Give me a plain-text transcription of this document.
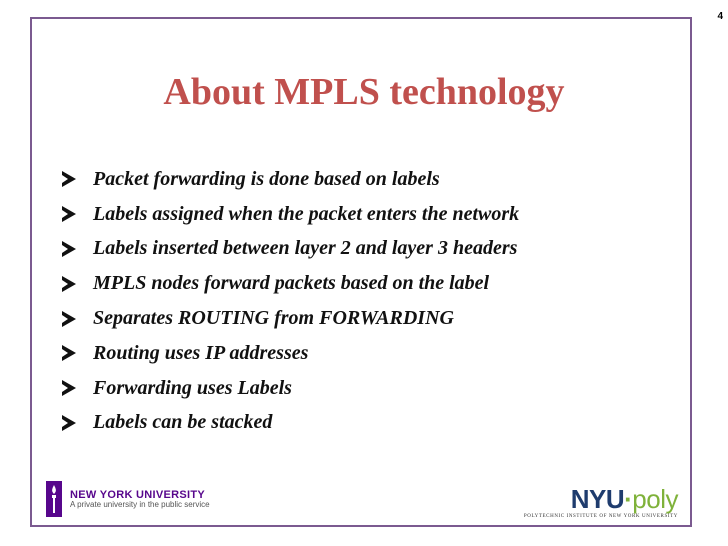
4
About MPLS technology
Packet forwarding is done based on labels
Labels assigned when the packet enters the network
Labels inserted between layer 2 and layer 3 headers
MPLS nodes forward packets based on the label
Separates ROUTING from FORWARDING
Routing uses IP addresses
Forwarding uses Labels
Labels can be stacked
NEW YORK UNIVERSITY
A private university in the public service	NYU·poly
POLYTECHNIC INSTITUTE OF NEW YORK UNIVERSITY
